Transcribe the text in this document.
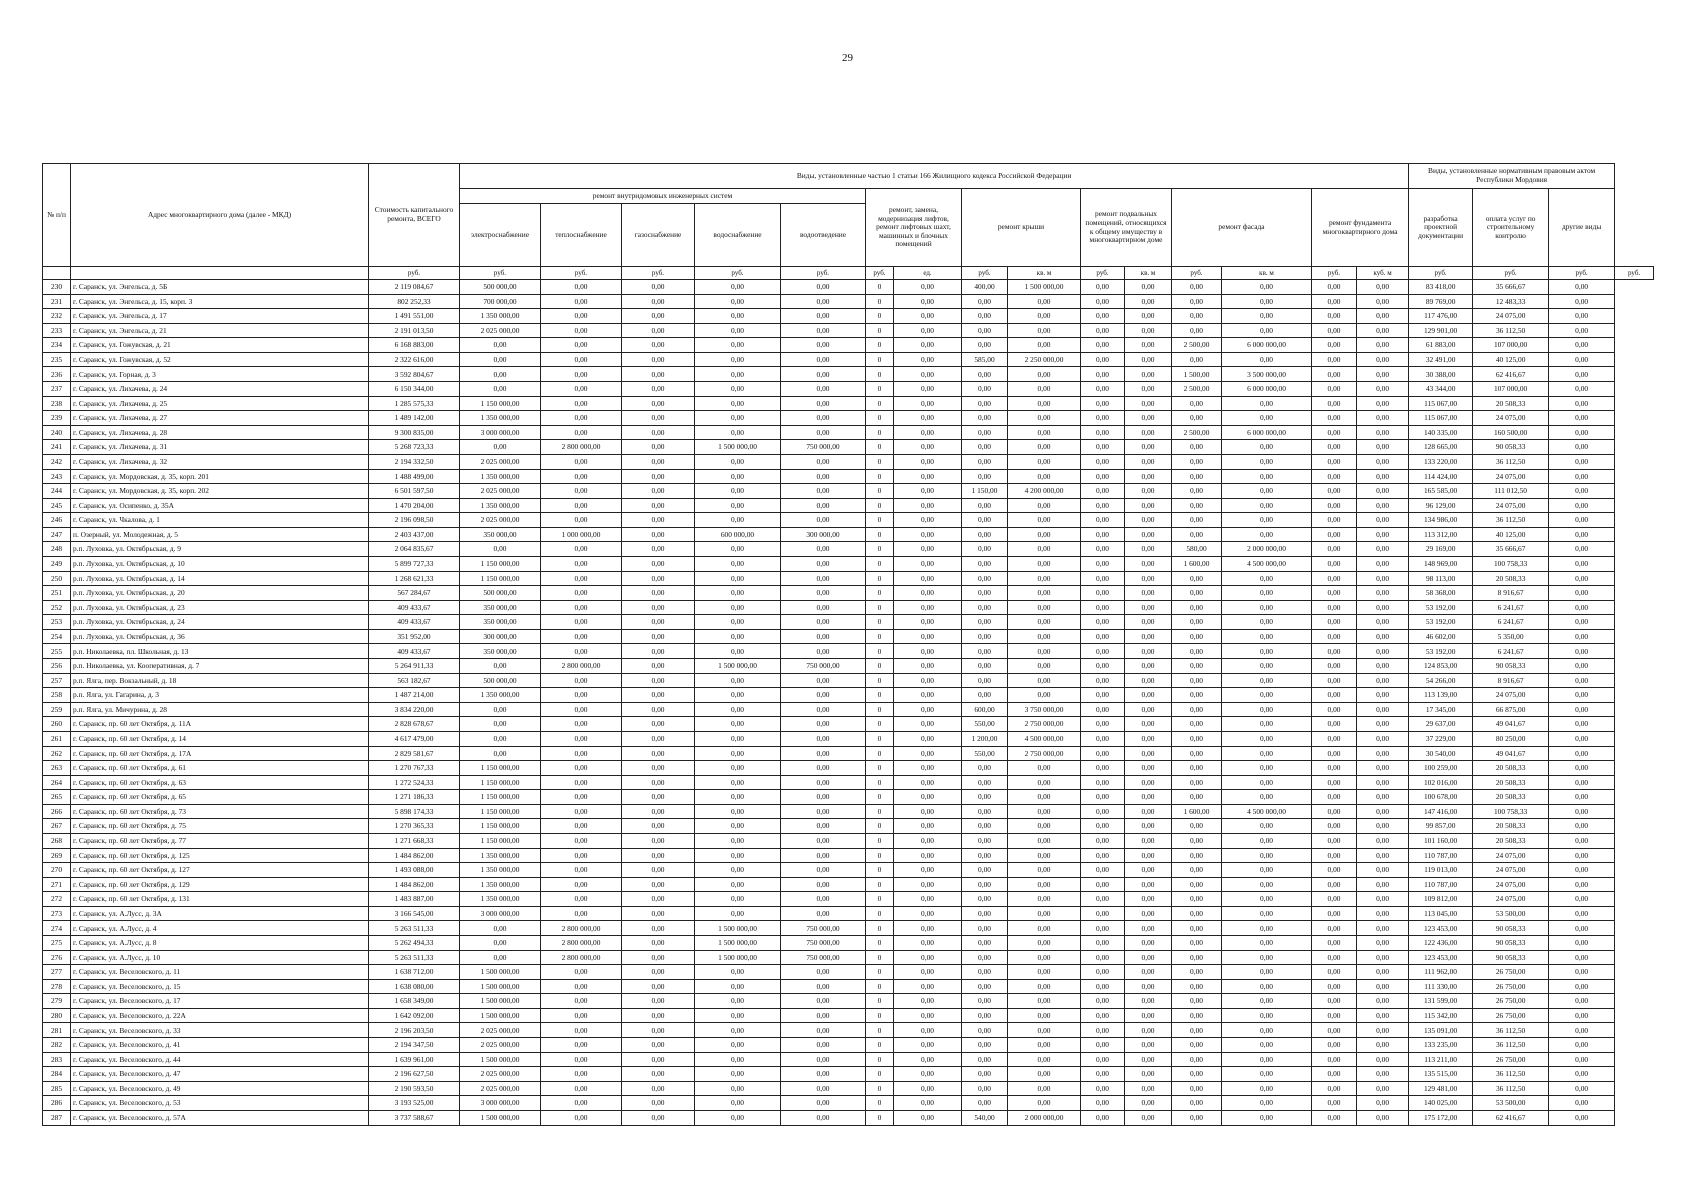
29
№ п/п	Адрес многоквартирного дома (далее - МКД)	Стоимость капитального ремонта, ВСЕГО	Виды, установленные частью 1 статьи 166 Жилищного кодекса Российской Федерации															Виды, установленные нормативным правовым актом Республики Мордовия			
			ремонт внутридомовых инженерных систем					ремонт, замена, модернизация лифтов, ремонт лифтовых шахт, машинных и блочных помещений		ремонт крыши		ремонт подвальных помещений, относящихся к общему имуществу в многоквартирном доме		ремонт фасада		ремонт фундамента многоквартирного дома		разработка проектной документации	оплата услуг по строительному контролю	другие виды	
			электроснабжение	теплоснабжение	газоснабжение	водоснабжение	водоотведение														
		руб.	руб.	руб.	руб.	руб.	руб.	руб.	ед.	руб.	кв. м	руб.	кв. м	руб.	кв. м	руб.	куб. м	руб.	руб.	руб.	руб.
230	г. Саранск, ул. Энгельса, д. 5Б	2 119 084,67	500 000,00	0,00	0,00	0,00	0,00	0	0,00	400,00	1 500 000,00	0,00	0,00	0,00	0,00	0,00	0,00	83 418,00	35 666,67	0,00	
231	г. Саранск, ул. Энгельса, д. 15, корп. 3	802 252,33	700 000,00	0,00	0,00	0,00	0,00	0	0,00	0,00	0,00	0,00	0,00	0,00	0,00	0,00	0,00	89 769,00	12 483,33	0,00	
232	г. Саранск, ул. Энгельса, д. 17	1 491 551,00	1 350 000,00	0,00	0,00	0,00	0,00	0	0,00	0,00	0,00	0,00	0,00	0,00	0,00	0,00	0,00	117 476,00	24 075,00	0,00	
233	г. Саранск, ул. Энгельса, д. 21	2 191 013,50	2 025 000,00	0,00	0,00	0,00	0,00	0	0,00	0,00	0,00	0,00	0,00	0,00	0,00	0,00	0,00	129 901,00	36 112,50	0,00	
234	г. Саранск, ул. Гожувская, д. 21	6 168 883,00	0,00	0,00	0,00	0,00	0,00	0	0,00	0,00	0,00	0,00	0,00	2 500,00	6 000 000,00	0,00	0,00	61 883,00	107 000,00	0,00	
235	г. Саранск, ул. Гожувская, д. 52	2 322 616,00	0,00	0,00	0,00	0,00	0,00	0	0,00	585,00	2 250 000,00	0,00	0,00	0,00	0,00	0,00	0,00	32 491,00	40 125,00	0,00	
236	г. Саранск, ул. Горная, д. 3	3 592 804,67	0,00	0,00	0,00	0,00	0,00	0	0,00	0,00	0,00	0,00	0,00	1 500,00	3 500 000,00	0,00	0,00	30 388,00	62 416,67	0,00	
237	г. Саранск, ул. Лихачева, д. 24	6 150 344,00	0,00	0,00	0,00	0,00	0,00	0	0,00	0,00	0,00	0,00	0,00	2 500,00	6 000 000,00	0,00	0,00	43 344,00	107 000,00	0,00	
238	г. Саранск, ул. Лихачева, д. 25	1 285 575,33	1 150 000,00	0,00	0,00	0,00	0,00	0	0,00	0,00	0,00	0,00	0,00	0,00	0,00	0,00	0,00	115 067,00	20 508,33	0,00	
239	г. Саранск, ул. Лихачева, д. 27	1 489 142,00	1 350 000,00	0,00	0,00	0,00	0,00	0	0,00	0,00	0,00	0,00	0,00	0,00	0,00	0,00	0,00	115 067,00	24 075,00	0,00	
240	г. Саранск, ул. Лихачева, д. 28	9 300 835,00	3 000 000,00	0,00	0,00	0,00	0,00	0	0,00	0,00	0,00	0,00	0,00	2 500,00	6 000 000,00	0,00	0,00	140 335,00	160 500,00	0,00	
241	г. Саранск, ул. Лихачева, д. 31	5 268 723,33	0,00	2 800 000,00	0,00	1 500 000,00	750 000,00	0	0,00	0,00	0,00	0,00	0,00	0,00	0,00	0,00	0,00	128 665,00	90 058,33	0,00	
242	г. Саранск, ул. Лихачева, д. 32	2 194 332,50	2 025 000,00	0,00	0,00	0,00	0,00	0	0,00	0,00	0,00	0,00	0,00	0,00	0,00	0,00	0,00	133 220,00	36 112,50	0,00	
243	г. Саранск, ул. Мордовская, д. 35, корп. 201	1 488 499,00	1 350 000,00	0,00	0,00	0,00	0,00	0	0,00	0,00	0,00	0,00	0,00	0,00	0,00	0,00	0,00	114 424,00	24 075,00	0,00	
244	г. Саранск, ул. Мордовская, д. 35, корп. 202	6 501 597,50	2 025 000,00	0,00	0,00	0,00	0,00	0	0,00	1 150,00	4 200 000,00	0,00	0,00	0,00	0,00	0,00	0,00	165 585,00	111 012,50	0,00	
245	г. Саранск, ул. Осипенко, д. 35А	1 470 204,00	1 350 000,00	0,00	0,00	0,00	0,00	0	0,00	0,00	0,00	0,00	0,00	0,00	0,00	0,00	0,00	96 129,00	24 075,00	0,00	
246	г. Саранск, ул. Чкалова, д. 1	2 196 098,50	2 025 000,00	0,00	0,00	0,00	0,00	0	0,00	0,00	0,00	0,00	0,00	0,00	0,00	0,00	0,00	134 986,00	36 112,50	0,00	
247	п. Озерный, ул. Молодежная, д. 5	2 403 437,00	350 000,00	1 000 000,00	0,00	600 000,00	300 000,00	0	0,00	0,00	0,00	0,00	0,00	0,00	0,00	0,00	0,00	113 312,00	40 125,00	0,00	
248	р.п. Луховка, ул. Октябрьская, д. 9	2 064 835,67	0,00	0,00	0,00	0,00	0,00	0	0,00	0,00	0,00	0,00	0,00	580,00	2 000 000,00	0,00	0,00	29 169,00	35 666,67	0,00	
249	р.п. Луховка, ул. Октябрьская, д. 10	5 899 727,33	1 150 000,00	0,00	0,00	0,00	0,00	0	0,00	0,00	0,00	0,00	0,00	1 600,00	4 500 000,00	0,00	0,00	148 969,00	100 758,33	0,00	
250	р.п. Луховка, ул. Октябрьская, д. 14	1 268 621,33	1 150 000,00	0,00	0,00	0,00	0,00	0	0,00	0,00	0,00	0,00	0,00	0,00	0,00	0,00	0,00	98 113,00	20 508,33	0,00	
251	р.п. Луховка, ул. Октябрьская, д. 20	567 284,67	500 000,00	0,00	0,00	0,00	0,00	0	0,00	0,00	0,00	0,00	0,00	0,00	0,00	0,00	0,00	58 368,00	8 916,67	0,00	
252	р.п. Луховка, ул. Октябрьская, д. 23	409 433,67	350 000,00	0,00	0,00	0,00	0,00	0	0,00	0,00	0,00	0,00	0,00	0,00	0,00	0,00	0,00	53 192,00	6 241,67	0,00	
253	р.п. Луховка, ул. Октябрьская, д. 24	409 433,67	350 000,00	0,00	0,00	0,00	0,00	0	0,00	0,00	0,00	0,00	0,00	0,00	0,00	0,00	0,00	53 192,00	6 241,67	0,00	
254	р.п. Луховка, ул. Октябрьская, д. 36	351 952,00	300 000,00	0,00	0,00	0,00	0,00	0	0,00	0,00	0,00	0,00	0,00	0,00	0,00	0,00	0,00	46 602,00	5 350,00	0,00	
255	р.п. Николаевка, пл. Школьная, д. 13	409 433,67	350 000,00	0,00	0,00	0,00	0,00	0	0,00	0,00	0,00	0,00	0,00	0,00	0,00	0,00	0,00	53 192,00	6 241,67	0,00	
256	р.п. Николаевка, ул. Кооперативная, д. 7	5 264 911,33	0,00	2 800 000,00	0,00	1 500 000,00	750 000,00	0	0,00	0,00	0,00	0,00	0,00	0,00	0,00	0,00	0,00	124 853,00	90 058,33	0,00	
257	р.п. Ялга, пер. Вокзальный, д. 18	563 182,67	500 000,00	0,00	0,00	0,00	0,00	0	0,00	0,00	0,00	0,00	0,00	0,00	0,00	0,00	0,00	54 266,00	8 916,67	0,00	
258	р.п. Ялга, ул. Гагарина, д. 3	1 487 214,00	1 350 000,00	0,00	0,00	0,00	0,00	0	0,00	0,00	0,00	0,00	0,00	0,00	0,00	0,00	0,00	113 139,00	24 075,00	0,00	
259	р.п. Ялга, ул. Мичурина, д. 28	3 834 220,00	0,00	0,00	0,00	0,00	0,00	0	0,00	600,00	3 750 000,00	0,00	0,00	0,00	0,00	0,00	0,00	17 345,00	66 875,00	0,00	
260	г. Саранск, пр. 60 лет Октября, д. 11А	2 828 678,67	0,00	0,00	0,00	0,00	0,00	0	0,00	550,00	2 750 000,00	0,00	0,00	0,00	0,00	0,00	0,00	29 637,00	49 041,67	0,00	
261	г. Саранск, пр. 60 лет Октября, д. 14	4 617 479,00	0,00	0,00	0,00	0,00	0,00	0	0,00	1 200,00	4 500 000,00	0,00	0,00	0,00	0,00	0,00	0,00	37 229,00	80 250,00	0,00	
262	г. Саранск, пр. 60 лет Октября, д. 17А	2 829 581,67	0,00	0,00	0,00	0,00	0,00	0	0,00	550,00	2 750 000,00	0,00	0,00	0,00	0,00	0,00	0,00	30 540,00	49 041,67	0,00	
263	г. Саранск, пр. 60 лет Октября, д. 61	1 270 767,33	1 150 000,00	0,00	0,00	0,00	0,00	0	0,00	0,00	0,00	0,00	0,00	0,00	0,00	0,00	0,00	100 259,00	20 508,33	0,00	
264	г. Саранск, пр. 60 лет Октября, д. 63	1 272 524,33	1 150 000,00	0,00	0,00	0,00	0,00	0	0,00	0,00	0,00	0,00	0,00	0,00	0,00	0,00	0,00	102 016,00	20 508,33	0,00	
265	г. Саранск, пр. 60 лет Октября, д. 65	1 271 186,33	1 150 000,00	0,00	0,00	0,00	0,00	0	0,00	0,00	0,00	0,00	0,00	0,00	0,00	0,00	0,00	100 678,00	20 508,33	0,00	
266	г. Саранск, пр. 60 лет Октября, д. 73	5 898 174,33	1 150 000,00	0,00	0,00	0,00	0,00	0	0,00	0,00	0,00	0,00	0,00	1 600,00	4 500 000,00	0,00	0,00	147 416,00	100 758,33	0,00	
267	г. Саранск, пр. 60 лет Октября, д. 75	1 270 365,33	1 150 000,00	0,00	0,00	0,00	0,00	0	0,00	0,00	0,00	0,00	0,00	0,00	0,00	0,00	0,00	99 857,00	20 508,33	0,00	
268	г. Саранск, пр. 60 лет Октября, д. 77	1 271 668,33	1 150 000,00	0,00	0,00	0,00	0,00	0	0,00	0,00	0,00	0,00	0,00	0,00	0,00	0,00	0,00	101 160,00	20 508,33	0,00	
269	г. Саранск, пр. 60 лет Октября, д. 125	1 484 862,00	1 350 000,00	0,00	0,00	0,00	0,00	0	0,00	0,00	0,00	0,00	0,00	0,00	0,00	0,00	0,00	110 787,00	24 075,00	0,00	
270	г. Саранск, пр. 60 лет Октября, д. 127	1 493 088,00	1 350 000,00	0,00	0,00	0,00	0,00	0	0,00	0,00	0,00	0,00	0,00	0,00	0,00	0,00	0,00	119 013,00	24 075,00	0,00	
271	г. Саранск, пр. 60 лет Октября, д. 129	1 484 862,00	1 350 000,00	0,00	0,00	0,00	0,00	0	0,00	0,00	0,00	0,00	0,00	0,00	0,00	0,00	0,00	110 787,00	24 075,00	0,00	
272	г. Саранск, пр. 60 лет Октября, д. 131	1 483 887,00	1 350 000,00	0,00	0,00	0,00	0,00	0	0,00	0,00	0,00	0,00	0,00	0,00	0,00	0,00	0,00	109 812,00	24 075,00	0,00	
273	г. Саранск, ул. А.Лусс, д. 3А	3 166 545,00	3 000 000,00	0,00	0,00	0,00	0,00	0	0,00	0,00	0,00	0,00	0,00	0,00	0,00	0,00	0,00	113 045,00	53 500,00	0,00	
274	г. Саранск, ул. А.Лусс, д. 4	5 263 511,33	0,00	2 800 000,00	0,00	1 500 000,00	750 000,00	0	0,00	0,00	0,00	0,00	0,00	0,00	0,00	0,00	0,00	123 453,00	90 058,33	0,00	
275	г. Саранск, ул. А.Лусс, д. 8	5 262 494,33	0,00	2 800 000,00	0,00	1 500 000,00	750 000,00	0	0,00	0,00	0,00	0,00	0,00	0,00	0,00	0,00	0,00	122 436,00	90 058,33	0,00	
276	г. Саранск, ул. А.Лусс, д. 10	5 263 511,33	0,00	2 800 000,00	0,00	1 500 000,00	750 000,00	0	0,00	0,00	0,00	0,00	0,00	0,00	0,00	0,00	0,00	123 453,00	90 058,33	0,00	
277	г. Саранск, ул. Веселовского, д. 11	1 638 712,00	1 500 000,00	0,00	0,00	0,00	0,00	0	0,00	0,00	0,00	0,00	0,00	0,00	0,00	0,00	0,00	111 962,00	26 750,00	0,00	
278	г. Саранск, ул. Веселовского, д. 15	1 638 080,00	1 500 000,00	0,00	0,00	0,00	0,00	0	0,00	0,00	0,00	0,00	0,00	0,00	0,00	0,00	0,00	111 330,00	26 750,00	0,00	
279	г. Саранск, ул. Веселовского, д. 17	1 658 349,00	1 500 000,00	0,00	0,00	0,00	0,00	0	0,00	0,00	0,00	0,00	0,00	0,00	0,00	0,00	0,00	131 599,00	26 750,00	0,00	
280	г. Саранск, ул. Веселовского, д. 22А	1 642 092,00	1 500 000,00	0,00	0,00	0,00	0,00	0	0,00	0,00	0,00	0,00	0,00	0,00	0,00	0,00	0,00	115 342,00	26 750,00	0,00	
281	г. Саранск, ул. Веселовского, д. 33	2 196 203,50	2 025 000,00	0,00	0,00	0,00	0,00	0	0,00	0,00	0,00	0,00	0,00	0,00	0,00	0,00	0,00	135 091,00	36 112,50	0,00	
282	г. Саранск, ул. Веселовского, д. 41	2 194 347,50	2 025 000,00	0,00	0,00	0,00	0,00	0	0,00	0,00	0,00	0,00	0,00	0,00	0,00	0,00	0,00	133 235,00	36 112,50	0,00	
283	г. Саранск, ул. Веселовского, д. 44	1 639 961,00	1 500 000,00	0,00	0,00	0,00	0,00	0	0,00	0,00	0,00	0,00	0,00	0,00	0,00	0,00	0,00	113 211,00	26 750,00	0,00	
284	г. Саранск, ул. Веселовского, д. 47	2 196 627,50	2 025 000,00	0,00	0,00	0,00	0,00	0	0,00	0,00	0,00	0,00	0,00	0,00	0,00	0,00	0,00	135 515,00	36 112,50	0,00	
285	г. Саранск, ул. Веселовского, д. 49	2 190 593,50	2 025 000,00	0,00	0,00	0,00	0,00	0	0,00	0,00	0,00	0,00	0,00	0,00	0,00	0,00	0,00	129 481,00	36 112,50	0,00	
286	г. Саранск, ул. Веселовского, д. 53	3 193 525,00	3 000 000,00	0,00	0,00	0,00	0,00	0	0,00	0,00	0,00	0,00	0,00	0,00	0,00	0,00	0,00	140 025,00	53 500,00	0,00	
287	г. Саранск, ул. Веселовского, д. 57А	3 737 588,67	1 500 000,00	0,00	0,00	0,00	0,00	0	0,00	540,00	2 000 000,00	0,00	0,00	0,00	0,00	0,00	0,00	175 172,00	62 416,67	0,00	
